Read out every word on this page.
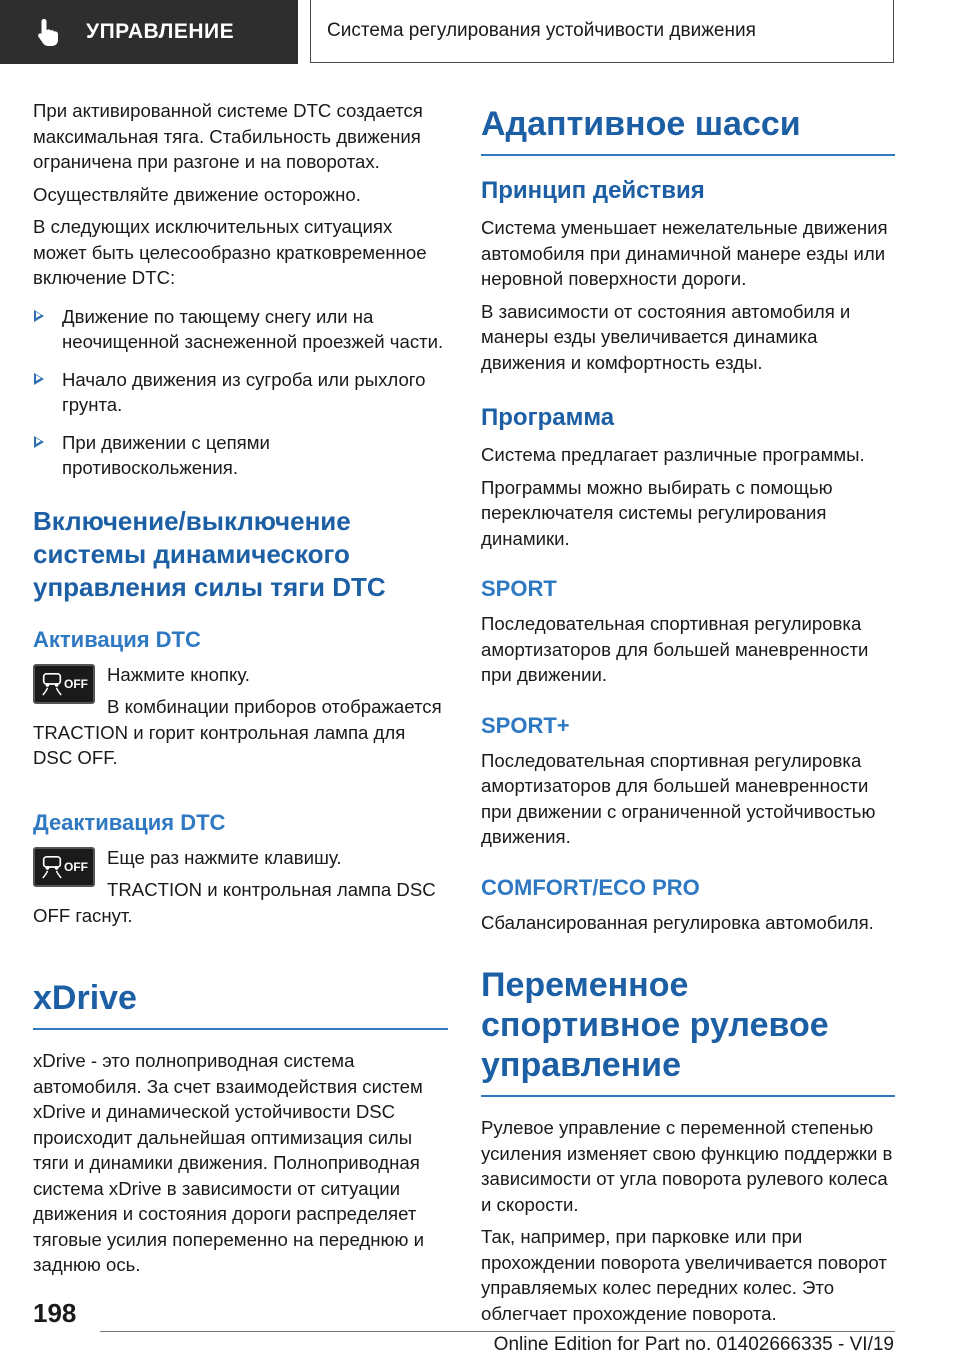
УПРАВЛЕНИЕ	Система регулирования устойчивости движения

При активированной системе DTC создается максимальная тяга. Стабильность движения ограничена при разгоне и на поворотах.

Осуществляйте движение осторожно.

В следующих исключительных ситуациях может быть целесообразно кратковременное включение DTC:

Движение по тающему снегу или на неочищенной заснеженной проезжей части.
Начало движения из сугроба или рыхлого грунта.
При движении с цепями противоскольжения.
Включение/выключение системы динамического управления силы тяги DTC
Активация DTC
OFF	Нажмите кнопку.

В комбинации приборов отображается TRACTION и горит контрольная лампа для DSC OFF.

Деактивация DTC
OFF	Еще раз нажмите клавишу.

TRACTION и контрольная лампа DSC OFF гаснут.

xDrive

xDrive - это полноприводная система автомобиля. За счет взаимодействия систем xDrive и динамической устойчивости DSC происходит дальнейшая оптимизация силы тяги и динамики движения. Полноприводная система xDrive в зависимости от ситуации движения и состояния дороги распределяет тяговые усилия попеременно на переднюю и заднюю ось.

Адаптивное шасси
Принцип действия

Система уменьшает нежелательные движения автомобиля при динамичной манере езды или неровной поверхности дороги.

В зависимости от состояния автомобиля и манеры езды увеличивается динамика движения и комфортность езды.

Программа

Система предлагает различные программы.

Программы можно выбирать с помощью переключателя системы регулирования динамики.

SPORT

Последовательная спортивная регулировка амортизаторов для большей маневренности при движении.

SPORT+

Последовательная спортивная регулировка амортизаторов для большей маневренности при движении с ограниченной устойчивостью движения.

COMFORT/ECO PRO

Сбалансированная регулировка автомобиля.

Переменное спортивное рулевое управление

Рулевое управление с переменной степенью усиления изменяет свою функцию поддержки в зависимости от угла поворота рулевого колеса и скорости.

Так, например, при парковке или при прохождении поворота увеличивается поворот управляемых колес передних колес. Это облегчает прохождение поворота.

198
Online Edition for Part no. 01402666335 - VI/19
